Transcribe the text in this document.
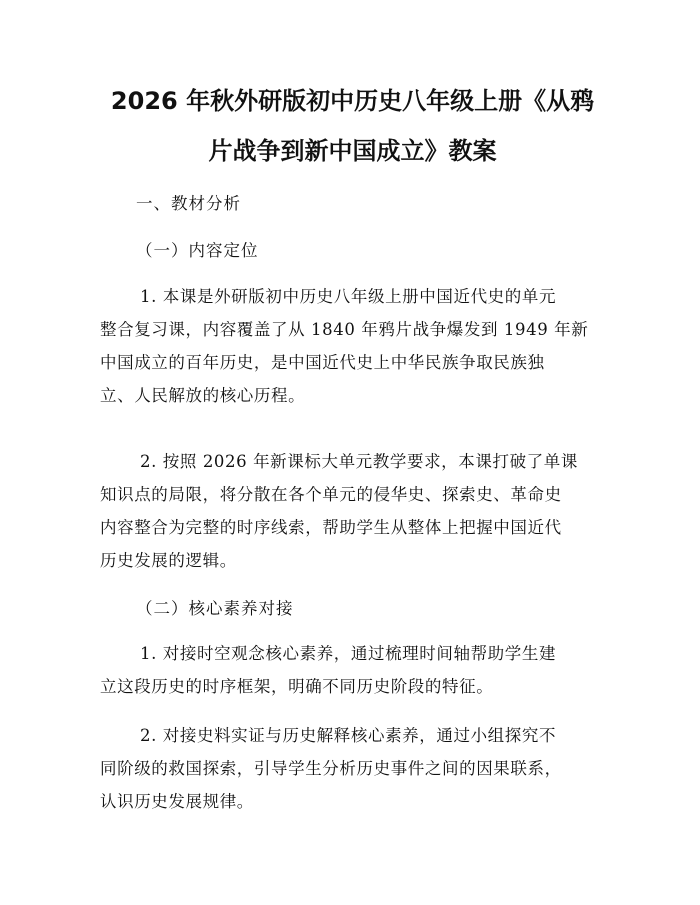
2026 年秋外研版初中历史八年级上册《从鸦
片战争到新中国成立》教案
一、教材分析
（一）内容定位
1. 本课是外研版初中历史八年级上册中国近代史的单元
整合复习课，内容覆盖了从 1840 年鸦片战争爆发到 1949 年新
中国成立的百年历史，是中国近代史上中华民族争取民族独
立、人民解放的核心历程。
2. 按照 2026 年新课标大单元教学要求，本课打破了单课
知识点的局限，将分散在各个单元的侵华史、探索史、革命史
内容整合为完整的时序线索，帮助学生从整体上把握中国近代
历史发展的逻辑。
（二）核心素养对接
1. 对接时空观念核心素养，通过梳理时间轴帮助学生建
立这段历史的时序框架，明确不同历史阶段的特征。
2. 对接史料实证与历史解释核心素养，通过小组探究不
同阶级的救国探索，引导学生分析历史事件之间的因果联系，
认识历史发展规律。
